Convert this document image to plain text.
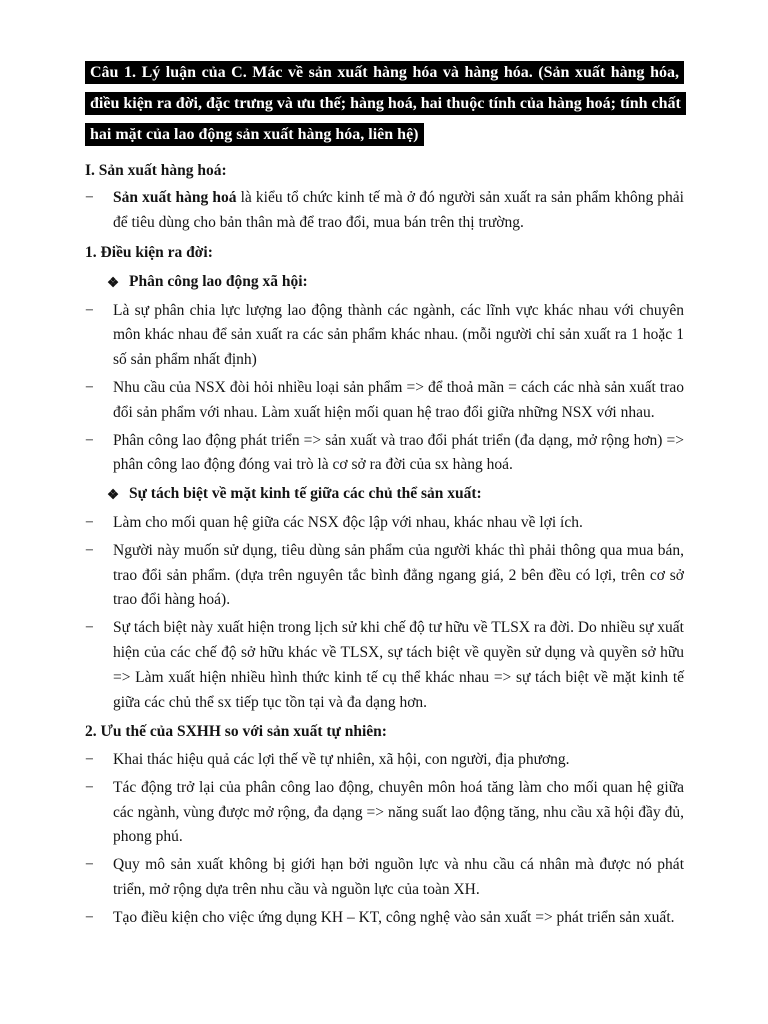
Câu 1. Lý luận của C. Mác về sản xuất hàng hóa và hàng hóa. (Sản xuất hàng hóa, điều kiện ra đời, đặc trưng và ưu thế; hàng hoá, hai thuộc tính của hàng hoá; tính chất hai mặt của lao động sản xuất hàng hóa, liên hệ)

I. Sản xuất hàng hoá:

−	Sản xuất hàng hoá là kiểu tổ chức kinh tế mà ở đó người sản xuất ra sản phẩm không phải để tiêu dùng cho bản thân mà để trao đổi, mua bán trên thị trường.

1. Điều kiện ra đời:

❖ Phân công lao động xã hội:
−	Là sự phân chia lực lượng lao động thành các ngành, các lĩnh vực khác nhau với chuyên môn khác nhau để sản xuất ra các sản phẩm khác nhau. (mỗi người chỉ sản xuất ra 1 hoặc 1 số sản phẩm nhất định)
−	Nhu cầu của NSX đòi hỏi nhiều loại sản phẩm => để thoả mãn = cách các nhà sản xuất trao đổi sản phẩm với nhau. Làm xuất hiện mối quan hệ trao đổi giữa những NSX với nhau.
−	Phân công lao động phát triển => sản xuất và trao đổi phát triển (đa dạng, mở rộng hơn) => phân công lao động đóng vai trò là cơ sở ra đời của sx hàng hoá.
❖ Sự tách biệt về mặt kinh tế giữa các chủ thể sản xuất:
−	Làm cho mối quan hệ giữa các NSX độc lập với nhau, khác nhau về lợi ích.
−	Người này muốn sử dụng, tiêu dùng sản phẩm của người khác thì phải thông qua mua bán, trao đổi sản phẩm. (dựa trên nguyên tắc bình đẳng ngang giá, 2 bên đều có lợi, trên cơ sở trao đổi hàng hoá).
−	Sự tách biệt này xuất hiện trong lịch sử khi chế độ tư hữu về TLSX ra đời. Do nhiều sự xuất hiện của các chế độ sở hữu khác về TLSX, sự tách biệt về quyền sử dụng và quyền sở hữu => Làm xuất hiện nhiều hình thức kinh tế cụ thể khác nhau => sự tách biệt về mặt kinh tế giữa các chủ thể sx tiếp tục tồn tại và đa dạng hơn.

2. Ưu thế của SXHH so với sản xuất tự nhiên:

−	Khai thác hiệu quả các lợi thế về tự nhiên, xã hội, con người, địa phương.
−	Tác động trở lại của phân công lao động, chuyên môn hoá tăng làm cho mối quan hệ giữa các ngành, vùng được mở rộng, đa dạng => năng suất lao động tăng, nhu cầu xã hội đầy đủ, phong phú.
−	Quy mô sản xuất không bị giới hạn bởi nguồn lực và nhu cầu cá nhân mà được nó phát triển, mở rộng dựa trên nhu cầu và nguồn lực của toàn XH.
−	Tạo điều kiện cho việc ứng dụng KH – KT, công nghệ vào sản xuất => phát triển sản xuất.
